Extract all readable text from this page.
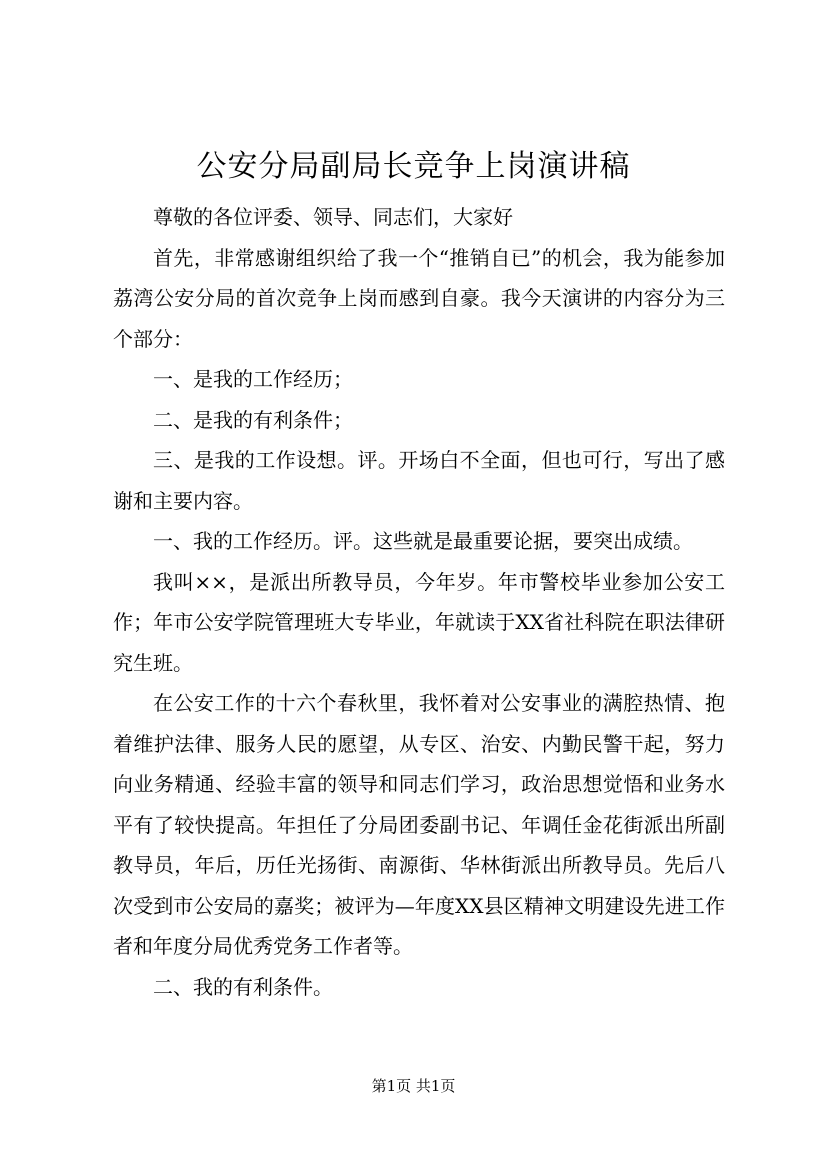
公安分局副局长竞争上岗演讲稿

尊敬的各位评委、领导、同志们，大家好

首先，非常感谢组织给了我一个“推销自已”的机会，我为能参加荔湾公安分局的首次竞争上岗而感到自豪。我今天演讲的内容分为三个部分：

一、是我的工作经历；

二、是我的有利条件；

三、是我的工作设想。评。开场白不全面，但也可行，写出了感谢和主要内容。

一、我的工作经历。评。这些就是最重要论据，要突出成绩。

我叫××，是派出所教导员，今年岁。年市警校毕业参加公安工作；年市公安学院管理班大专毕业，年就读于XX省社科院在职法律研究生班。

在公安工作的十六个春秋里，我怀着对公安事业的满腔热情、抱着维护法律、服务人民的愿望，从专区、治安、内勤民警干起，努力向业务精通、经验丰富的领导和同志们学习，政治思想觉悟和业务水平有了较快提高。年担任了分局团委副书记、年调任金花街派出所副教导员，年后，历任光扬街、南源街、华林街派出所教导员。先后八次受到市公安局的嘉奖；被评为—年度XX县区精神文明建设先进工作者和年度分局优秀党务工作者等。

二、我的有利条件。

第1页 共1页
